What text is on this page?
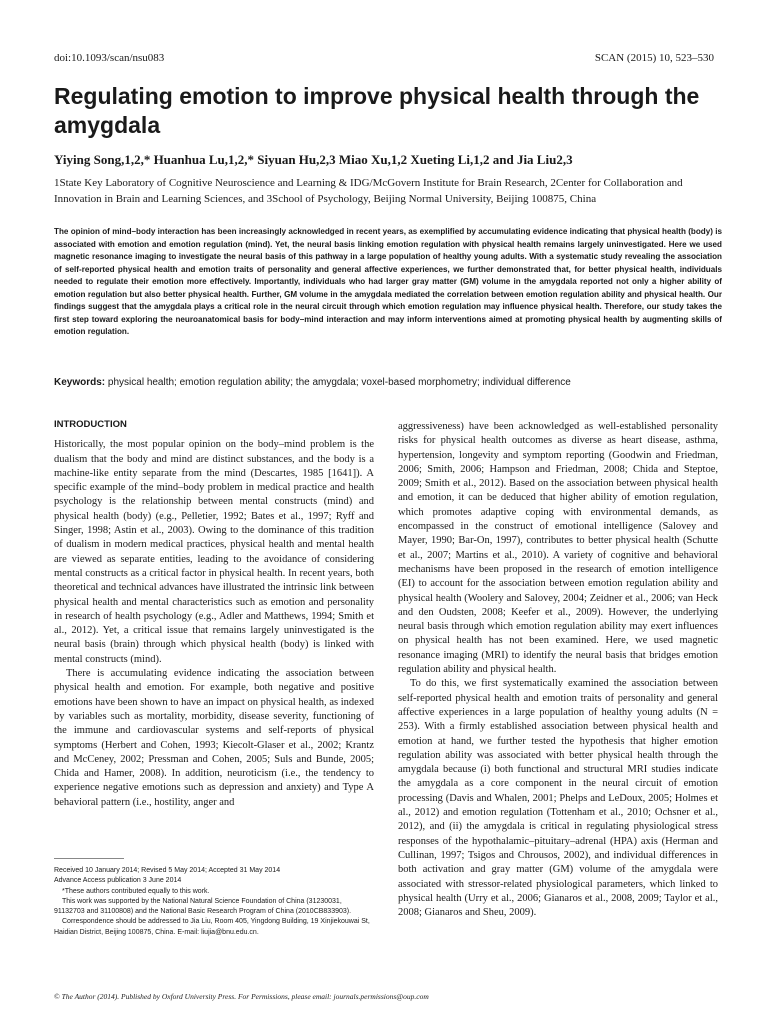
doi:10.1093/scan/nsu083	SCAN (2015) 10, 523–530
Regulating emotion to improve physical health through the amygdala
Yiying Song,1,2,* Huanhua Lu,1,2,* Siyuan Hu,2,3 Miao Xu,1,2 Xueting Li,1,2 and Jia Liu2,3
1State Key Laboratory of Cognitive Neuroscience and Learning & IDG/McGovern Institute for Brain Research, 2Center for Collaboration and Innovation in Brain and Learning Sciences, and 3School of Psychology, Beijing Normal University, Beijing 100875, China
The opinion of mind–body interaction has been increasingly acknowledged in recent years, as exemplified by accumulating evidence indicating that physical health (body) is associated with emotion and emotion regulation (mind). Yet, the neural basis linking emotion regulation with physical health remains largely uninvestigated. Here we used magnetic resonance imaging to investigate the neural basis of this pathway in a large population of healthy young adults. With a systematic study revealing the association of self-reported physical health and emotion traits of personality and general affective experiences, we further demonstrated that, for better physical health, individuals needed to regulate their emotion more effectively. Importantly, individuals who had larger gray matter (GM) volume in the amygdala reported not only a higher ability of emotion regulation but also better physical health. Further, GM volume in the amygdala mediated the correlation between emotion regulation ability and physical health. Our findings suggest that the amygdala plays a critical role in the neural circuit through which emotion regulation may influence physical health. Therefore, our study takes the first step toward exploring the neuroanatomical basis for body–mind interaction and may inform interventions aimed at promoting physical health by augmenting skills of emotion regulation.
Keywords: physical health; emotion regulation ability; the amygdala; voxel-based morphometry; individual difference
INTRODUCTION

Historically, the most popular opinion on the body–mind problem is the dualism that the body and mind are distinct substances, and the body is a machine-like entity separate from the mind (Descartes, 1985 [1641]). A specific example of the mind–body problem in medical practice and health psychology is the relationship between mental constructs (mind) and physical health (body) (e.g., Pelletier, 1992; Bates et al., 1997; Ryff and Singer, 1998; Astin et al., 2003). Owing to the dominance of this tradition of dualism in modern medical practices, physical health and mental health are viewed as separate entities, leading to the avoidance of considering mental constructs as a critical factor in physical health. In recent years, both theoretical and technical advances have illustrated the intrinsic link between physical health and mental characteristics such as emotion and personality in research of health psychology (e.g., Adler and Matthews, 1994; Smith et al., 2012). Yet, a critical issue that remains largely uninvestigated is the neural basis (brain) through which physical health (body) is linked with mental constructs (mind).

There is accumulating evidence indicating the association between physical health and emotion. For example, both negative and positive emotions have been shown to have an impact on physical health, as indexed by variables such as mortality, morbidity, disease severity, functioning of the immune and cardiovascular systems and self-reports of physical symptoms (Herbert and Cohen, 1993; Kiecolt-Glaser et al., 2002; Krantz and McCeney, 2002; Pressman and Cohen, 2005; Suls and Bunde, 2005; Chida and Hamer, 2008). In addition, neuroticism (i.e., the tendency to experience negative emotions such as depression and anxiety) and Type A behavioral pattern (i.e., hostility, anger and

aggressiveness) have been acknowledged as well-established personality risks for physical health outcomes as diverse as heart disease, asthma, hypertension, longevity and symptom reporting (Goodwin and Friedman, 2006; Smith, 2006; Hampson and Friedman, 2008; Chida and Steptoe, 2009; Smith et al., 2012). Based on the association between physical health and emotion, it can be deduced that higher ability of emotion regulation, which promotes adaptive coping with environmental demands, as encompassed in the construct of emotional intelligence (Salovey and Mayer, 1990; Bar-On, 1997), contributes to better physical health (Schutte et al., 2007; Martins et al., 2010). A variety of cognitive and behavioral mechanisms have been proposed in the research of emotion intelligence (EI) to account for the association between emotion regulation ability and physical health (Woolery and Salovey, 2004; Zeidner et al., 2006; van Heck and den Oudsten, 2008; Keefer et al., 2009). However, the underlying neural basis through which emotion regulation ability may exert influences on physical health has not been examined. Here, we used magnetic resonance imaging (MRI) to identify the neural basis that bridges emotion regulation ability and physical health.

To do this, we first systematically examined the association between self-reported physical health and emotion traits of personality and general affective experiences in a large population of healthy young adults (N = 253). With a firmly established association between physical health and emotion at hand, we further tested the hypothesis that higher emotion regulation ability was associated with better physical health through the amygdala because (i) both functional and structural MRI studies indicate the amygdala as a core component in the neural circuit of emotion processing (Davis and Whalen, 2001; Phelps and LeDoux, 2005; Holmes et al., 2012) and emotion regulation (Tottenham et al., 2010; Ochsner et al., 2012), and (ii) the amygdala is critical in regulating physiological stress responses of the hypothalamic–pituitary–adrenal (HPA) axis (Herman and Cullinan, 1997; Tsigos and Chrousos, 2002), and individual differences in both activation and gray matter (GM) volume of the amygdala were associated with stressor-related physiological parameters, which linked to physical health (Urry et al., 2006; Gianaros et al., 2008, 2009; Taylor et al., 2008; Gianaros and Sheu, 2009).

Received 10 January 2014; Revised 5 May 2014; Accepted 31 May 2014

Advance Access publication 3 June 2014

*These authors contributed equally to this work.

This work was supported by the National Natural Science Foundation of China (31230031, 91132703 and 31100808) and the National Basic Research Program of China (2010CB833903).

Correspondence should be addressed to Jia Liu, Room 405, Yingdong Building, 19 Xinjiekouwai St, Haidian District, Beijing 100875, China. E-mail: liujia@bnu.edu.cn.

© The Author (2014). Published by Oxford University Press. For Permissions, please email: journals.permissions@oup.com
